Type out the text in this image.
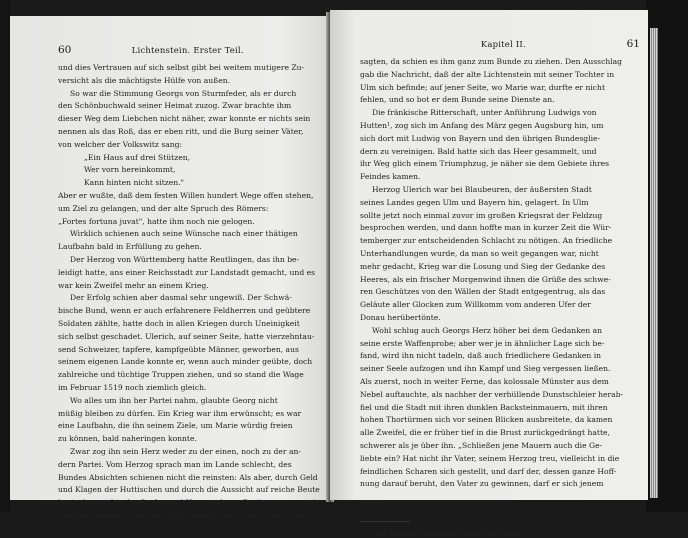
60	Lichtenstein. Erster Teil.
und dies Vertrauen auf sich selbst gibt bei weitem mutigere Zu-
versicht als die mächtigste Hülfe von außen.
So war die Stimmung Georgs von Sturmfeder, als er durch
den Schönbuchwald seiner Heimat zuzog. Zwar brachte ihm
dieser Weg dem Liebchen nicht näher, zwar konnte er nichts sein
nennen als das Roß, das er eben ritt, und die Burg seiner Väter,
von welcher der Volkswitz sang:
„Ein Haus auf drei Stützen,
Wer vorn hereinkommt,
Kann hinten nicht sitzen."
Aber er wußte, daß dem festen Willen hundert Wege offen stehen,
um Ziel zu gelangen, und der alte Spruch des Römers:
„Fortes fortuna juvat", hatte ihm noch nie gelogen.
Wirklich schienen auch seine Wünsche nach einer thätigen
Laufbahn bald in Erfüllung zu gehen.
Der Herzog von Württemberg hatte Reutlingen, das ihn be-
leidigt hatte, ans einer Reichsstadt zur Landstadt gemacht, und es
war kein Zweifel mehr an einem Krieg.
Der Erfolg schien aber dasmal sehr ungewiß. Der Schwä-
bische Bund, wenn er auch erfahrenere Feldherren und geübtere
Soldaten zählte, hatte doch in allen Kriegen durch Uneinigkeit
sich selbst geschadet. Ulerich, auf seiner Seite, hatte vierzehntau-
send Schweizer, tapfere, kampfgeübte Männer, geworben, aus
seinem eigenen Lande konnte er, wenn auch minder geübte, doch
zahlreiche und tüchtige Truppen ziehen, und so stand die Wage
im Februar 1519 noch ziemlich gleich.
Wo alles um ihn her Partei nahm, glaubte Georg nicht
müßig bleiben zu dürfen. Ein Krieg war ihm erwünscht; es war
eine Laufbahn, die ihn seinem Ziele, um Marie würdig freien
zu können, bald naheringen konnte.
Zwar zog ihn sein Herz weder zu der einen, noch zu der an-
dern Partei. Vom Herzog sprach man im Lande schlecht, des
Bundes Absichten schienen nicht die reinsten: Als aber, durch Geld
und Klagen der Huttischen und durch die Aussicht auf reiche Beute
bestochen, achtzehn Grafen und Herren, deren Besitzungen an sein
Gütchen grenzten, auf einmal(12) dem Herzog ihre Dienste auf-
Kapitel II.	61
sagten, da schien es ihm ganz zum Bunde zu ziehen. Den Ausschlag
gab die Nachricht, daß der alte Lichtenstein mit seiner Tochter in
Ulm sich befinde; auf jener Seite, wo Marie war, durfte er nicht
fehlen, und so bot er dem Bunde seine Dienste an.
Die fränkische Ritterschaft, unter Anführung Ludwigs von
Hutten¹, zog sich im Anfang des März gegen Augsburg hin, um
sich dort mit Ludwig von Bayern und den übrigen Bundesglie-
dern zu vereinigen. Bald hatte sich das Heer gesammelt, und
ihr Weg glich einem Triumphzug, je näher sie dem Gebiete ihres
Feindes kamen.
Herzog Ulerich war bei Blaubeuren, der äußersten Stadt
seines Landes gegen Ulm und Bayern hin, gelagert. In Ulm
sollte jetzt noch einmal zuvor im großen Kriegsrat der Feldzug
besprochen werden, und dann hoffte man in kurzer Zeit die Wür-
temberger zur entscheidenden Schlacht zu nötigen. An friedliche
Unterhandlungen wurde, da man so weit gegangen war, nicht
mehr gedacht, Krieg war die Losung und Sieg der Gedanke des
Heeres, als ein frischer Morgenwind ihnen die Grüße des schwe-
ren Geschützes von den Wällen der Stadt entgegentrug, als das
Geläute aller Glocken zum Willkomm vom anderen Ufer der
Donau herübertönte.
Wohl schlug auch Georgs Herz höher bei dem Gedanken an
seine erste Waffenprobe; aber wer je in ähnlicher Lage sich be-
fand, wird ihn nicht tadeln, daß auch friedlichere Gedanken in
seiner Seele aufzogen und ihn Kampf und Sieg vergessen ließen.
Als zuerst, noch in weiter Ferne, das kolossale Münster aus dem
Nebel auftauchte, als nachher der verhüllende Dunstschleier herab-
fiel und die Stadt mit ihren dunklen Backsteinmauern, mit ihren
hohen Thortürmen sich vor seinen Blicken ausbreitete, da kamen
alle Zweifel, die er früher tief in die Brust zurückgedrängt hatte,
schwerer als je über ihn. „Schließen jene Mauern auch die Ge-
liebte ein? Hat nicht ihr Vater, seinem Herzog treu, vielleicht in die
feindlichen Scharen sich gestellt, und darf der, dessen ganze Hoff-
nung darauf beruht, den Vater zu gewinnen, darf er sich jenem
¹ Der Vater des ermordeten Hans von Hutten.
